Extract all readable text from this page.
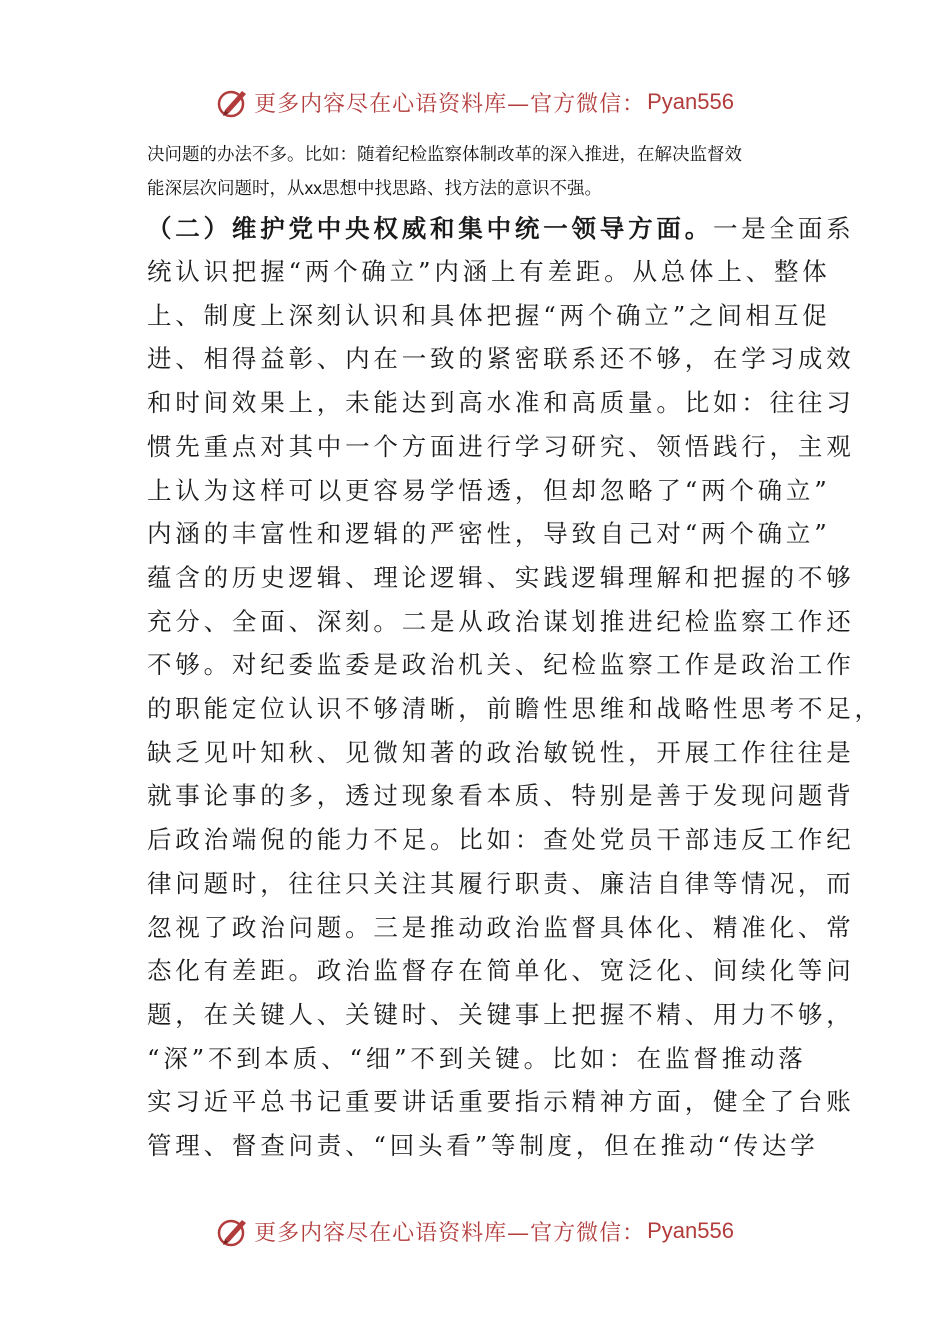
更多内容尽在心语资料库—官方微信： Pyan556
决问题的办法不多。比如：随着纪检监察体制改革的深入推进，在解决监督效
能深层次问题时，从xx思想中找思路、找方法的意识不强。
（二）维护党中央权威和集中统一领导方面。一是全面系
统认识把握“两个确立”内涵上有差距。从总体上、整体
上、制度上深刻认识和具体把握“两个确立”之间相互促
进、相得益彰、内在一致的紧密联系还不够，在学习成效
和时间效果上，未能达到高水准和高质量。比如：往往习
惯先重点对其中一个方面进行学习研究、领悟践行，主观
上认为这样可以更容易学悟透，但却忽略了“两个确立”
内涵的丰富性和逻辑的严密性，导致自己对“两个确立”
蕴含的历史逻辑、理论逻辑、实践逻辑理解和把握的不够
充分、全面、深刻。二是从政治谋划推进纪检监察工作还
不够。对纪委监委是政治机关、纪检监察工作是政治工作
的职能定位认识不够清晰，前瞻性思维和战略性思考不足，
缺乏见叶知秋、见微知著的政治敏锐性，开展工作往往是
就事论事的多，透过现象看本质、特别是善于发现问题背
后政治端倪的能力不足。比如：查处党员干部违反工作纪
律问题时，往往只关注其履行职责、廉洁自律等情况，而
忽视了政治问题。三是推动政治监督具体化、精准化、常
态化有差距。政治监督存在简单化、宽泛化、间续化等问
题，在关键人、关键时、关键事上把握不精、用力不够，
“深”不到本质、“细”不到关键。比如：在监督推动落
实习近平总书记重要讲话重要指示精神方面，健全了台账
管理、督查问责、“回头看”等制度，但在推动“传达学
更多内容尽在心语资料库—官方微信： Pyan556
